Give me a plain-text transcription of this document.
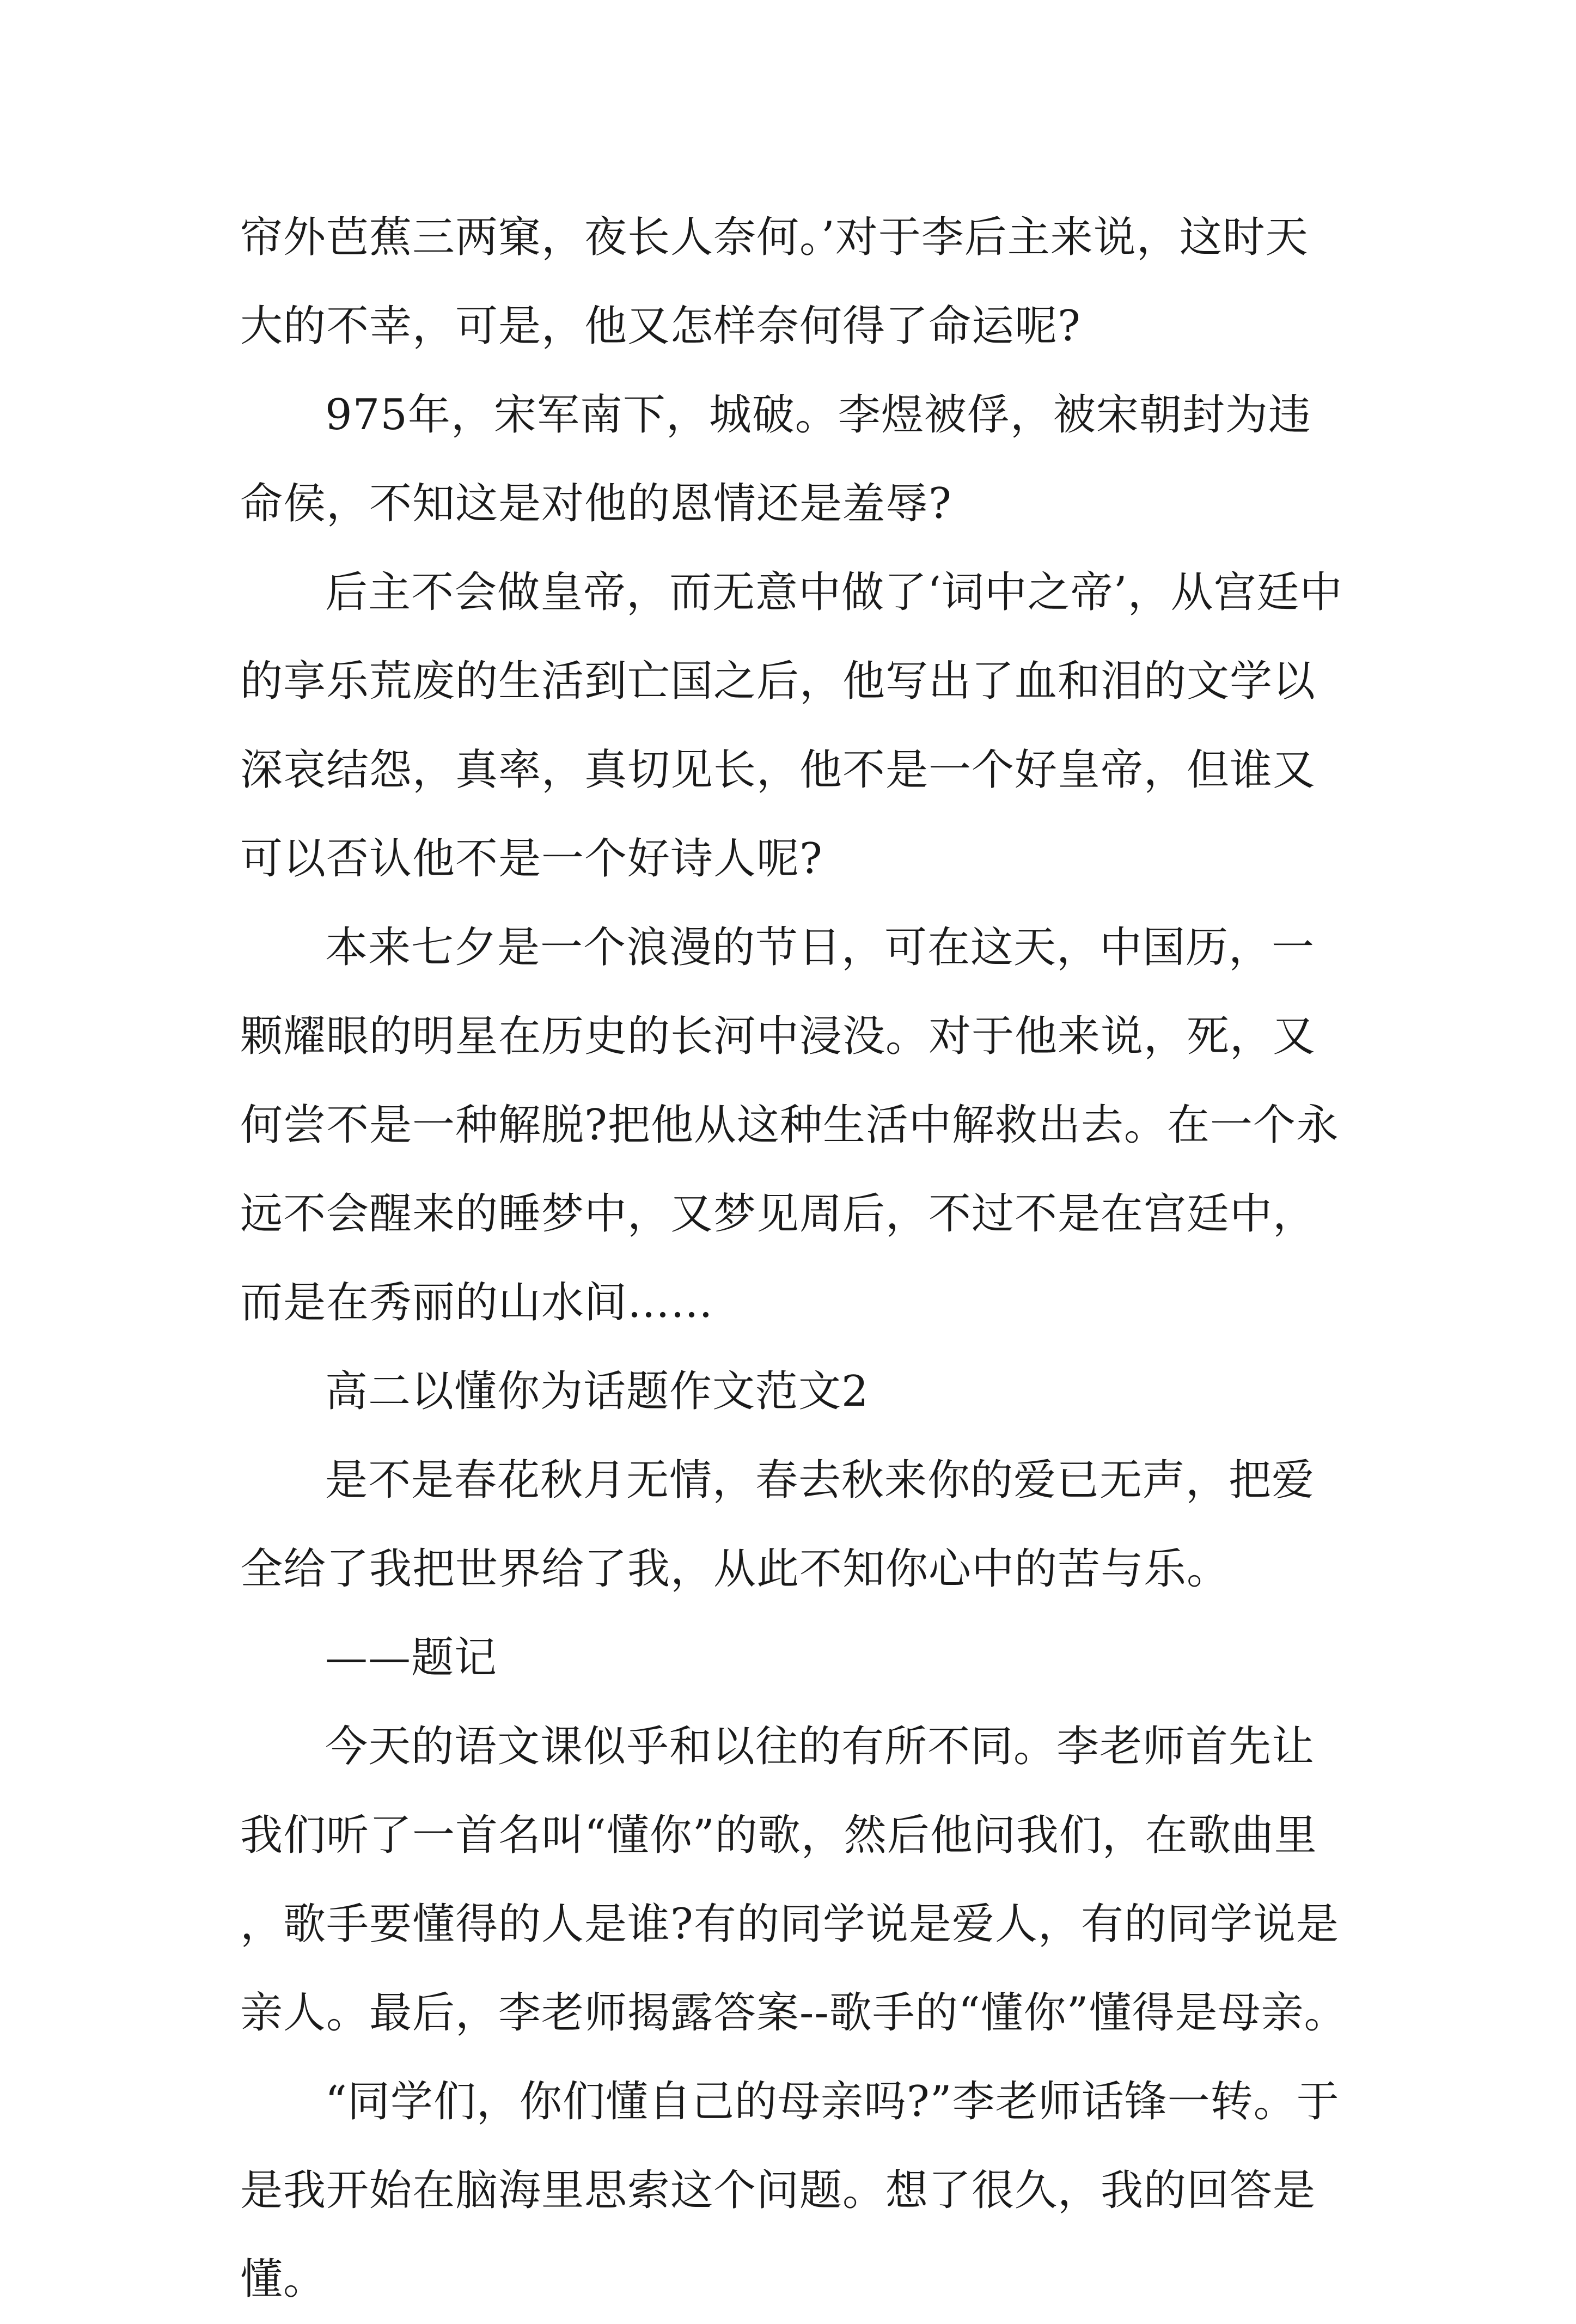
帘外芭蕉三两窠，夜长人奈何。’对于李后主来说，这时天大的不幸，可是，他又怎样奈何得了命运呢?

975年，宋军南下，城破。李煜被俘，被宋朝封为违命侯，不知这是对他的恩情还是羞辱?

后主不会做皇帝，而无意中做了‘词中之帝’，从宫廷中的享乐荒废的生活到亡国之后，他写出了血和泪的文学以深哀结怨，真率，真切见长，他不是一个好皇帝，但谁又可以否认他不是一个好诗人呢?

本来七夕是一个浪漫的节日，可在这天，中国历，一颗耀眼的明星在历史的长河中浸没。对于他来说，死，又何尝不是一种解脱?把他从这种生活中解救出去。在一个永远不会醒来的睡梦中，又梦见周后，不过不是在宫廷中，而是在秀丽的山水间……

高二以懂你为话题作文范文2

是不是春花秋月无情，春去秋来你的爱已无声，把爱全给了我把世界给了我，从此不知你心中的苦与乐。

——题记

今天的语文课似乎和以往的有所不同。李老师首先让我们听了一首名叫“懂你”的歌，然后他问我们，在歌曲里，歌手要懂得的人是谁?有的同学说是爱人，有的同学说是亲人。最后，李老师揭露答案--歌手的“懂你”懂得是母亲。

“同学们，你们懂自己的母亲吗?”李老师话锋一转。于是我开始在脑海里思索这个问题。想了很久，我的回答是懂。
